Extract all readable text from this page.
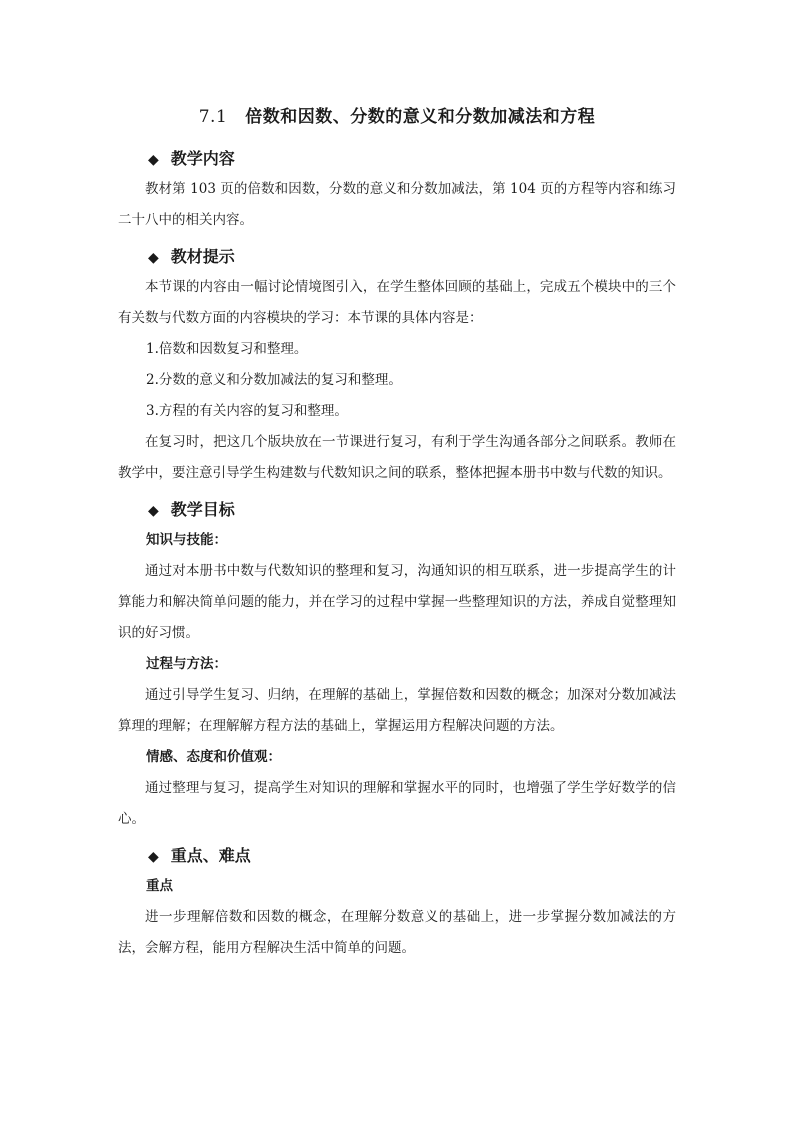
7.1 倍数和因数、分数的意义和分数加减法和方程
◆ 教学内容

教材第 103 页的倍数和因数，分数的意义和分数加减法，第 104 页的方程等内容和练习二十八中的相关内容。

◆ 教材提示

本节课的内容由一幅讨论情境图引入，在学生整体回顾的基础上，完成五个模块中的三个有关数与代数方面的内容模块的学习：本节课的具体内容是：

1.倍数和因数复习和整理。

2.分数的意义和分数加减法的复习和整理。

3.方程的有关内容的复习和整理。

在复习时，把这几个版块放在一节课进行复习，有利于学生沟通各部分之间联系。教师在教学中，要注意引导学生构建数与代数知识之间的联系，整体把握本册书中数与代数的知识。

◆ 教学目标

知识与技能：

通过对本册书中数与代数知识的整理和复习，沟通知识的相互联系，进一步提高学生的计算能力和解决简单问题的能力，并在学习的过程中掌握一些整理知识的方法，养成自觉整理知识的好习惯。

过程与方法：

通过引导学生复习、归纳，在理解的基础上，掌握倍数和因数的概念；加深对分数加减法算理的理解；在理解解方程方法的基础上，掌握运用方程解决问题的方法。

情感、态度和价值观：

通过整理与复习，提高学生对知识的理解和掌握水平的同时，也增强了学生学好数学的信心。

◆ 重点、难点

重点

进一步理解倍数和因数的概念，在理解分数意义的基础上，进一步掌握分数加减法的方法，会解方程，能用方程解决生活中简单的问题。
